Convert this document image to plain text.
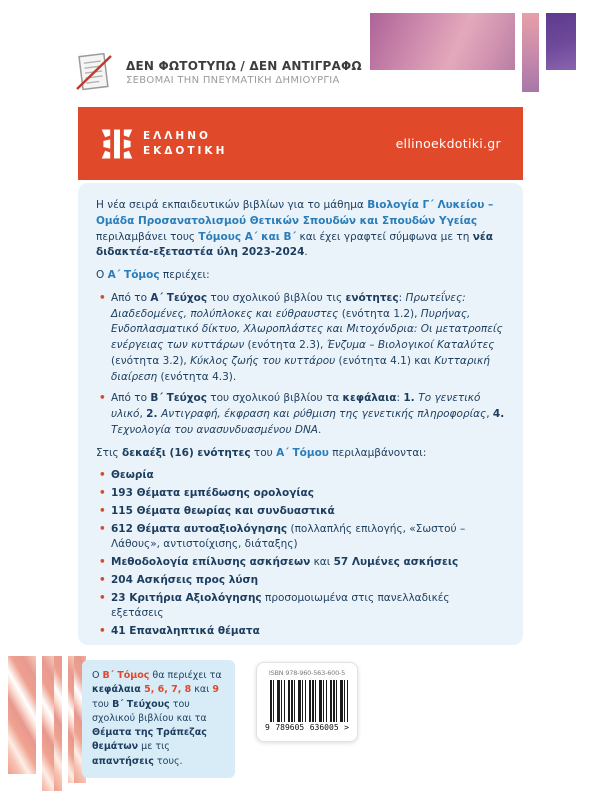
ΔΕΝ ΦΩΤΟΤΥΠΩ / ΔΕΝ ΑΝΤΙΓΡΑΦΩ
ΣΕΒΟΜΑΙ ΤΗΝ ΠΝΕΥΜΑΤΙΚΗ ΔΗΜΙΟΥΡΓΙΑ
ΕΛΛΗΝΟ
ΕΚΔΟΤΙΚΗ	ellinoekdotiki.gr

Η νέα σειρά εκπαιδευτικών βιβλίων για το μάθημα Βιολογία Γ΄ Λυκείου – Ομάδα Προσανατολισμού Θετικών Σπουδών και Σπουδών Υγείας περιλαμβάνει τους Τόμους Α΄ και Β΄ και έχει γραφτεί σύμφωνα με τη νέα διδακτέα-εξεταστέα ύλη 2023-2024.

Ο Α΄ Τόμος περιέχει:

• Από το Α΄ Τεύχος του σχολικού βιβλίου τις ενότητες: Πρωτεΐνες: Διαδεδομένες, πολύπλοκες και εύθραυστες (ενότητα 1.2), Πυρήνας, Ενδοπλασματικό δίκτυο, Χλωροπλάστες και Μιτοχόνδρια: Οι μετατροπείς ενέργειας των κυττάρων (ενότητα 2.3), Ένζυμα – Βιολογικοί Καταλύτες (ενότητα 3.2), Κύκλος ζωής του κυττάρου (ενότητα 4.1) και Κυτταρική διαίρεση (ενότητα 4.3).
• Από το Β΄ Τεύχος του σχολικού βιβλίου τα κεφάλαια: 1. Το γενετικό υλικό, 2. Αντιγραφή, έκφραση και ρύθμιση της γενετικής πληροφορίας, 4. Τεχνολογία του ανασυνδυασμένου DNA.

Στις δεκαέξι (16) ενότητες του Α΄ Τόμου περιλαμβάνονται:

• Θεωρία
• 193 Θέματα εμπέδωσης ορολογίας
• 115 Θέματα θεωρίας και συνδυαστικά
• 612 Θέματα αυτοαξιολόγησης (πολλαπλής επιλογής, «Σωστού – Λάθους», αντιστοίχισης, διάταξης)
• Μεθοδολογία επίλυσης ασκήσεων και 57 Λυμένες ασκήσεις
• 204 Ασκήσεις προς λύση
• 23 Κριτήρια Αξιολόγησης προσομοιωμένα στις πανελλαδικές εξετάσεις
• 41 Επαναληπτικά θέματα

Ο Β΄ Τόμος θα περιέχει τα κεφάλαια 5, 6, 7, 8 και 9 του Β΄ Τεύχους του σχολικού βιβλίου και τα Θέματα της Τράπεζας θεμάτων με τις απαντήσεις τους.
ISBN 978-960-563-600-5
9 789605 636005 >
